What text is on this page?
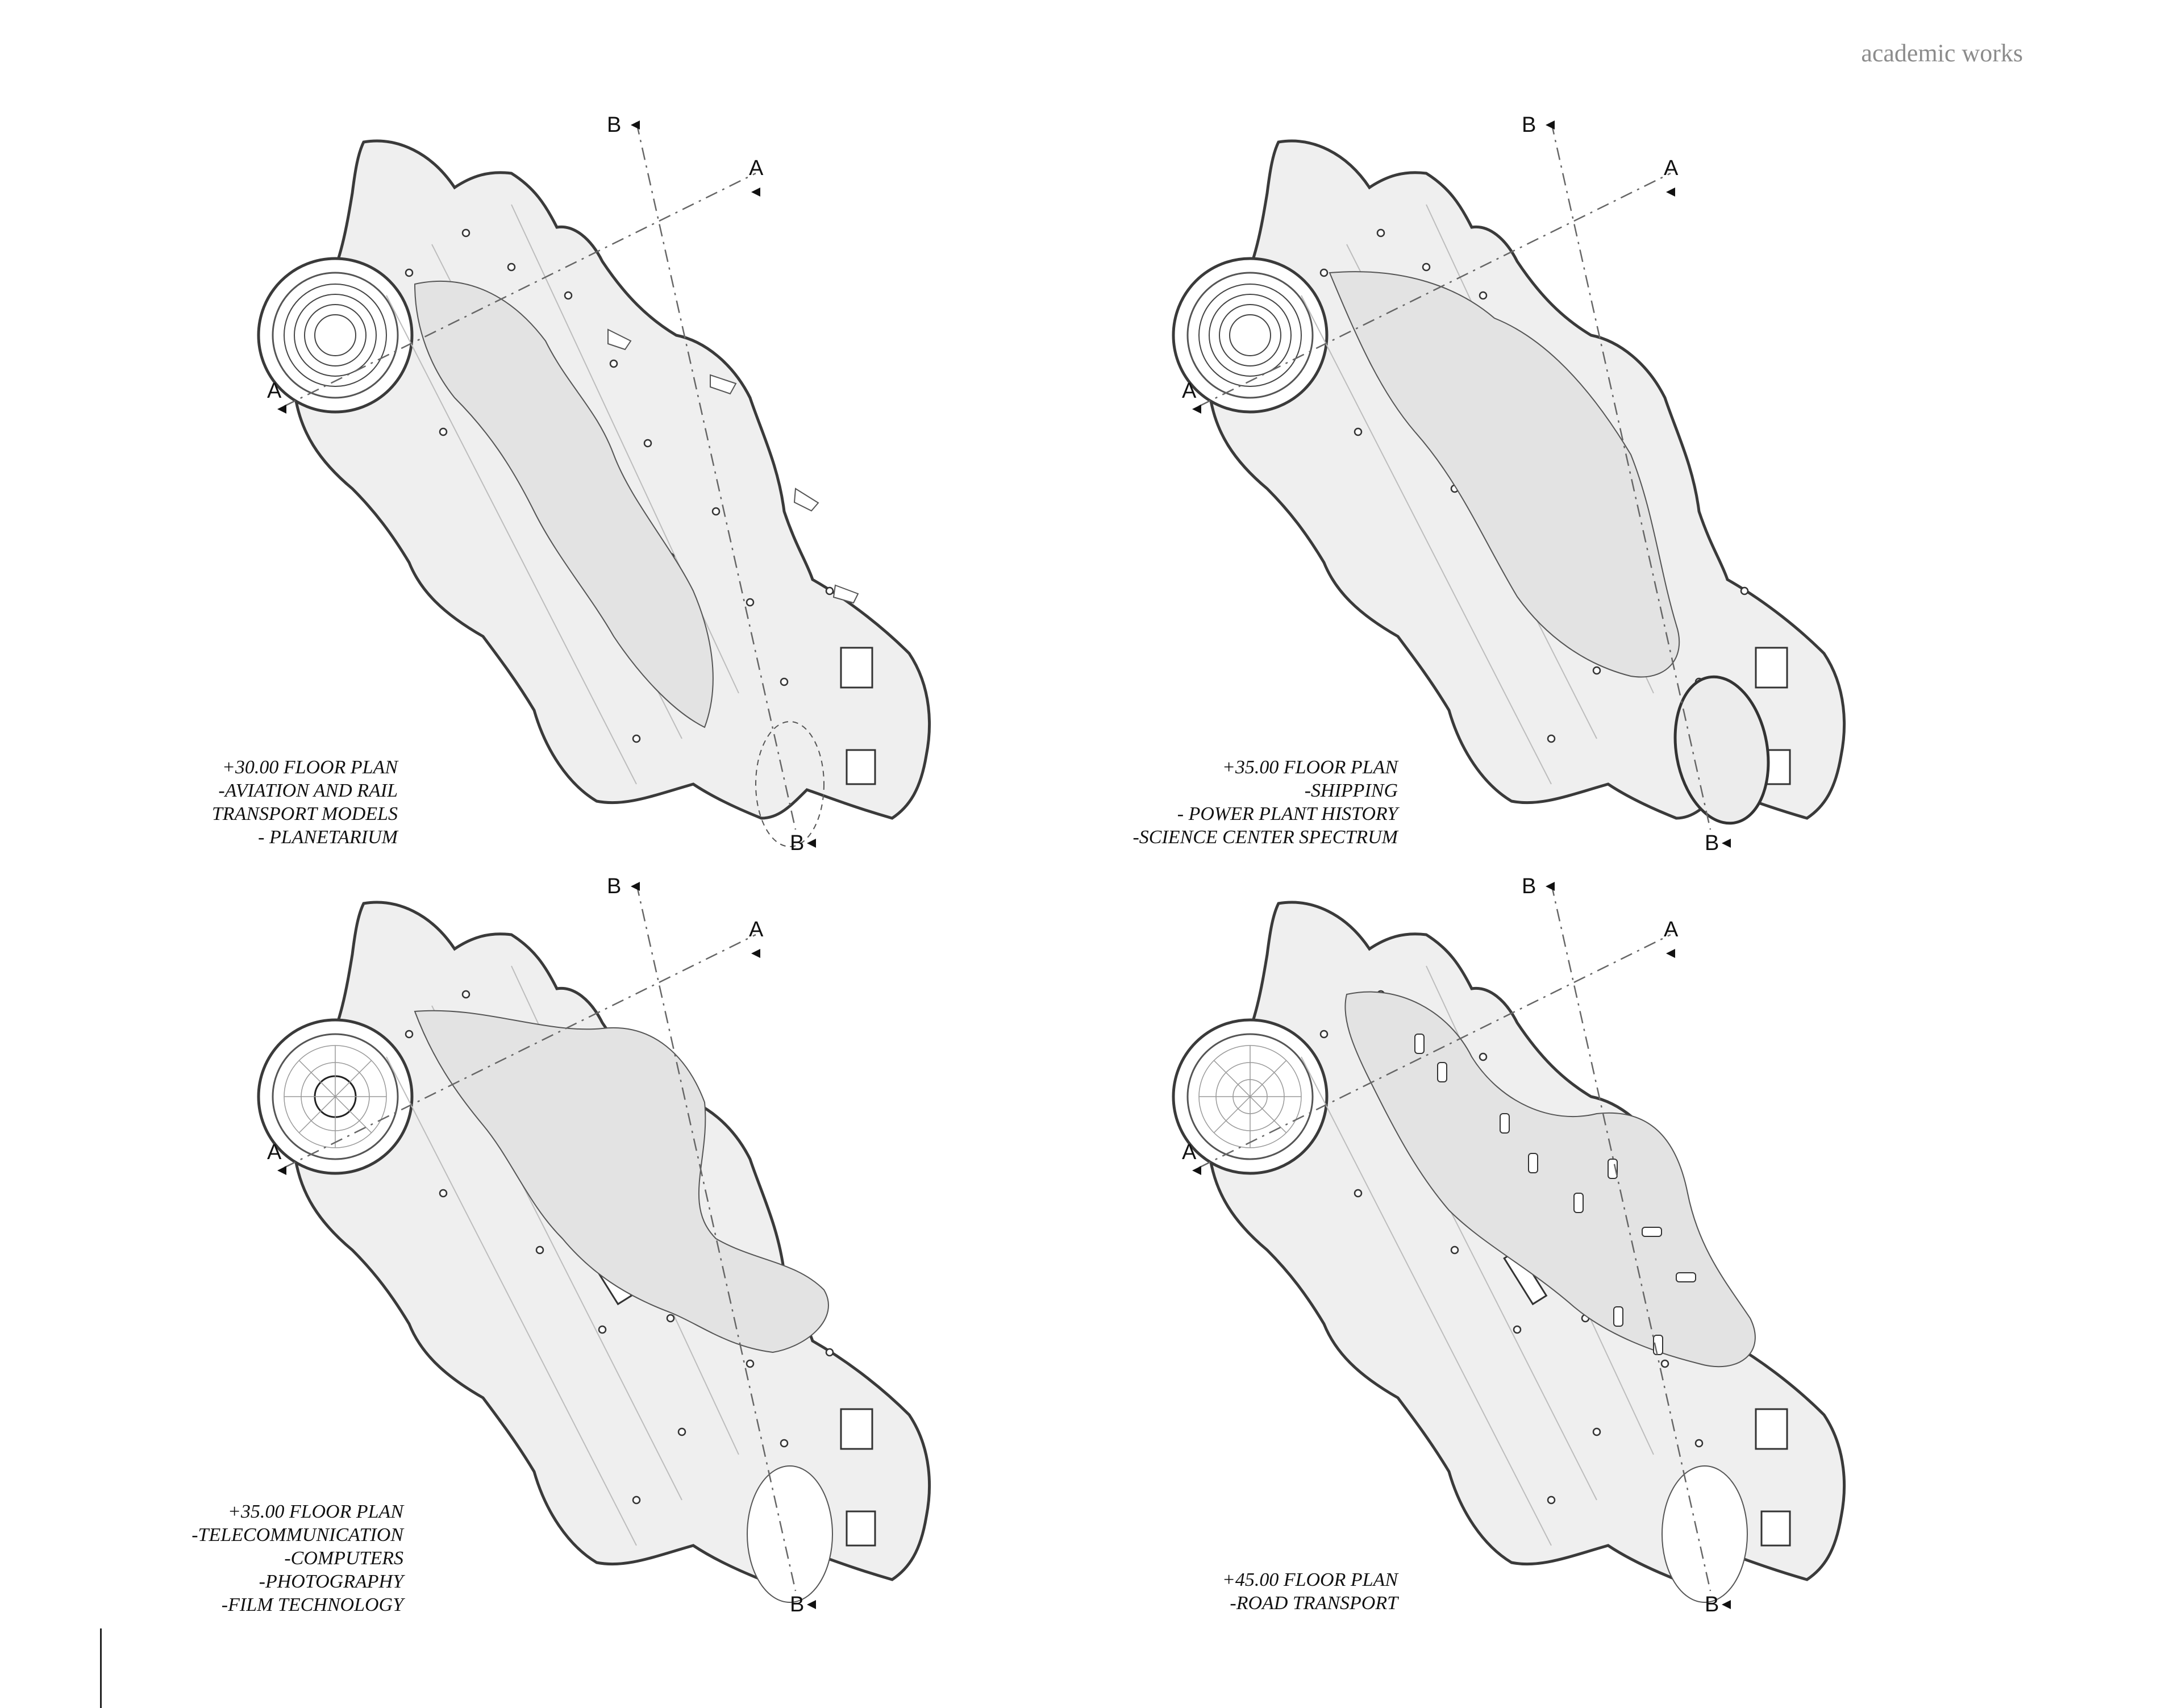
academic works
A
A
B
B
A
A
B
B
A
A
B
B
A
A
B
B
+30.00 FLOOR PLAN
-AVIATION AND RAIL
TRANSPORT MODELS
- PLANETARIUM
+35.00 FLOOR PLAN
-SHIPPING
- POWER PLANT HISTORY
-SCIENCE CENTER SPECTRUM
+35.00 FLOOR PLAN
-TELECOMMUNICATION
-COMPUTERS
-PHOTOGRAPHY
-FILM TECHNOLOGY
+45.00 FLOOR PLAN
-ROAD TRANSPORT
